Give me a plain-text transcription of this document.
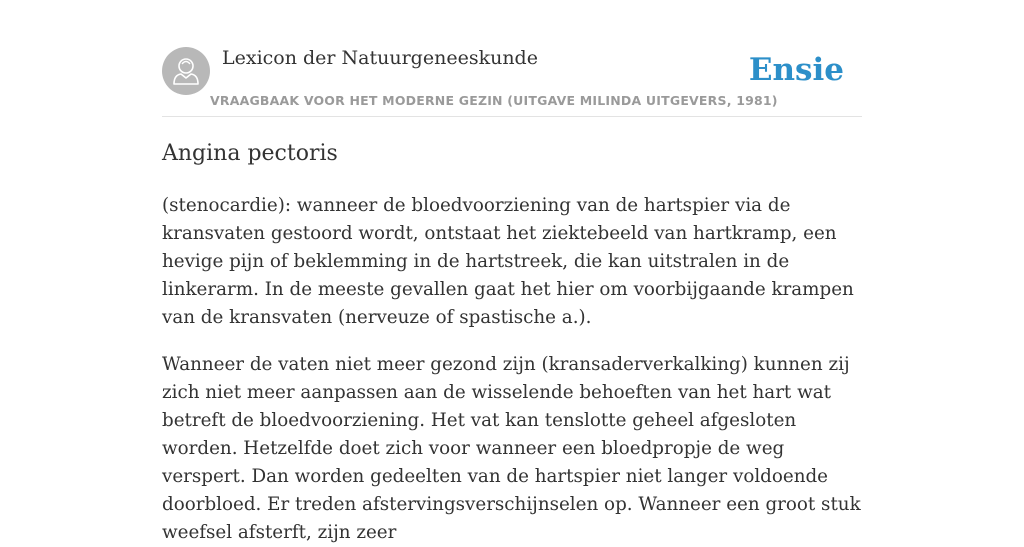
Lexicon der Natuurgeneeskunde
VRAAGBAAK VOOR HET MODERNE GEZIN (UITGAVE MILINDA UITGEVERS, 1981)
Ensie
Angina pectoris

(stenocardie): wanneer de bloedvoorziening van de hartspier via de kransvaten gestoord wordt, ontstaat het ziektebeeld van hartkramp, een hevige pijn of beklemming in de hartstreek, die kan uitstralen in de linkerarm. In de meeste gevallen gaat het hier om voorbijgaande krampen van de kransvaten (nerveuze of spastische a.).

Wanneer de vaten niet meer gezond zijn (kransaderverkalking) kunnen zij zich niet meer aanpassen aan de wisselende behoeften van het hart wat betreft de bloedvoorziening. Het vat kan tenslotte geheel afgesloten worden. Hetzelfde doet zich voor wanneer een bloedpropje de weg verspert. Dan worden gedeelten van de hartspier niet langer voldoende doorbloed. Er treden afstervingsverschijnselen op. Wanneer een groot stuk weefsel afsterft, zijn zeer
